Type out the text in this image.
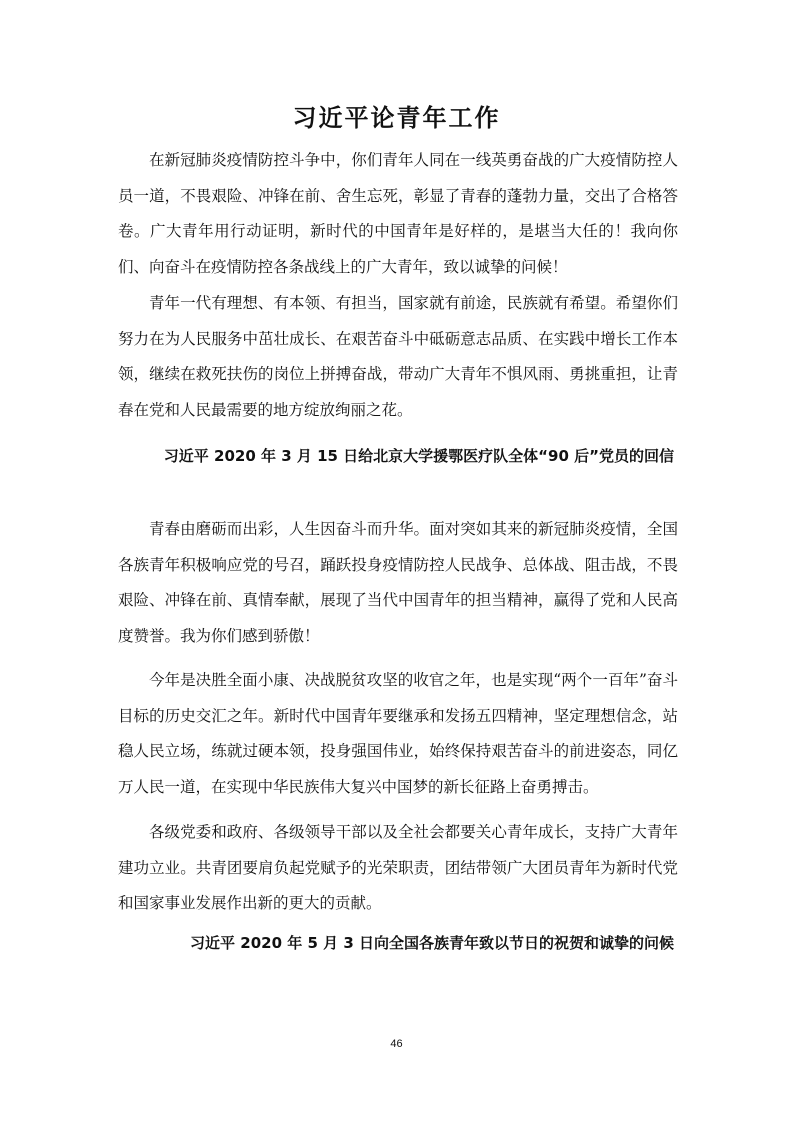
习近平论青年工作

在新冠肺炎疫情防控斗争中，你们青年人同在一线英勇奋战的广大疫情防控人员一道，不畏艰险、冲锋在前、舍生忘死，彰显了青春的蓬勃力量，交出了合格答卷。广大青年用行动证明，新时代的中国青年是好样的，是堪当大任的！我向你们、向奋斗在疫情防控各条战线上的广大青年，致以诚挚的问候！

青年一代有理想、有本领、有担当，国家就有前途，民族就有希望。希望你们努力在为人民服务中茁壮成长、在艰苦奋斗中砥砺意志品质、在实践中增长工作本领，继续在救死扶伤的岗位上拼搏奋战，带动广大青年不惧风雨、勇挑重担，让青春在党和人民最需要的地方绽放绚丽之花。

习近平 2020 年 3 月 15 日给北京大学援鄂医疗队全体“90 后”党员的回信

青春由磨砺而出彩，人生因奋斗而升华。面对突如其来的新冠肺炎疫情，全国各族青年积极响应党的号召，踊跃投身疫情防控人民战争、总体战、阻击战，不畏艰险、冲锋在前、真情奉献，展现了当代中国青年的担当精神，赢得了党和人民高度赞誉。我为你们感到骄傲！

今年是决胜全面小康、决战脱贫攻坚的收官之年，也是实现“两个一百年”奋斗目标的历史交汇之年。新时代中国青年要继承和发扬五四精神，坚定理想信念，站稳人民立场，练就过硬本领，投身强国伟业，始终保持艰苦奋斗的前进姿态，同亿万人民一道，在实现中华民族伟大复兴中国梦的新长征路上奋勇搏击。

各级党委和政府、各级领导干部以及全社会都要关心青年成长，支持广大青年建功立业。共青团要肩负起党赋予的光荣职责，团结带领广大团员青年为新时代党和国家事业发展作出新的更大的贡献。

习近平 2020 年 5 月 3 日向全国各族青年致以节日的祝贺和诚挚的问候
46
